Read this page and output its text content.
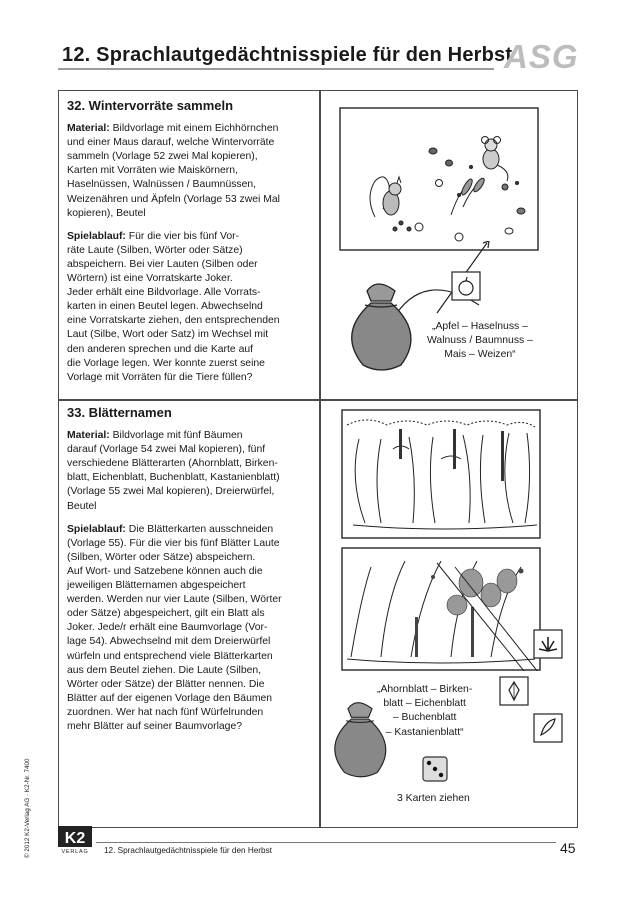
12. Sprachlautgedächtnisspiele für den Herbst
ASG
32. Wintervorräte sammeln
Material: Bildvorlage mit einem Eichhörnchen
und einer Maus darauf, welche Wintervorräte
sammeln (Vorlage 52 zwei Mal kopieren),
Karten mit Vorräten wie Maiskörnern,
Haselnüssen, Walnüssen / Baumnüssen,
Weizenähren und Äpfeln (Vorlage 53 zwei Mal
kopieren), Beutel
Spielablauf: Für die vier bis fünf Vor-
räte Laute (Silben, Wörter oder Sätze)
abspeichern. Bei vier Lauten (Silben oder
Wörtern) ist eine Vorratskarte Joker.
Jeder erhält eine Bildvorlage. Alle Vorrats-
karten in einen Beutel legen. Abwechselnd
eine Vorratskarte ziehen, den entsprechenden
Laut (Silbe, Wort oder Satz) im Wechsel mit
den anderen sprechen und die Karte auf
die Vorlage legen. Wer konnte zuerst seine
Vorlage mit Vorräten für die Tiere füllen?
„Apfel – Haselnuss –
Walnuss / Baumnuss –
Mais – Weizen“
33. Blätternamen
Material: Bildvorlage mit fünf Bäumen
darauf (Vorlage 54 zwei Mal kopieren), fünf
verschiedene Blätterarten (Ahornblatt, Birken-
blatt, Eichenblatt, Buchenblatt, Kastanienblatt)
(Vorlage 55 zwei Mal kopieren), Dreierwürfel,
Beutel
Spielablauf: Die Blätterkarten ausschneiden
(Vorlage 55). Für die vier bis fünf Blätter Laute
(Silben, Wörter oder Sätze) abspeichern.
Auf Wort- und Satzebene können auch die
jeweiligen Blätternamen abgespeichert
werden. Werden nur vier Laute (Silben, Wörter
oder Sätze) abgespeichert, gilt ein Blatt als
Joker. Jede/r erhält eine Baumvorlage (Vor-
lage 54). Abwechselnd mit dem Dreierwürfel
würfeln und entsprechend viele Blätterkarten
aus dem Beutel ziehen. Die Laute (Silben,
Wörter oder Sätze) der Blätter nennen. Die
Blätter auf der eigenen Vorlage den Bäumen
zuordnen. Wer hat nach fünf Würfelrunden
mehr Blätter auf seiner Baumvorlage?
„Ahornblatt – Birken-
blatt – Eichenblatt
– Buchenblatt
– Kastanienblatt“
3 Karten ziehen
© 2012 K2-Verlag AG · K2-Nr. 7400 K2
VERLAG 12. Sprachlautgedächtnisspiele für den Herbst	45
